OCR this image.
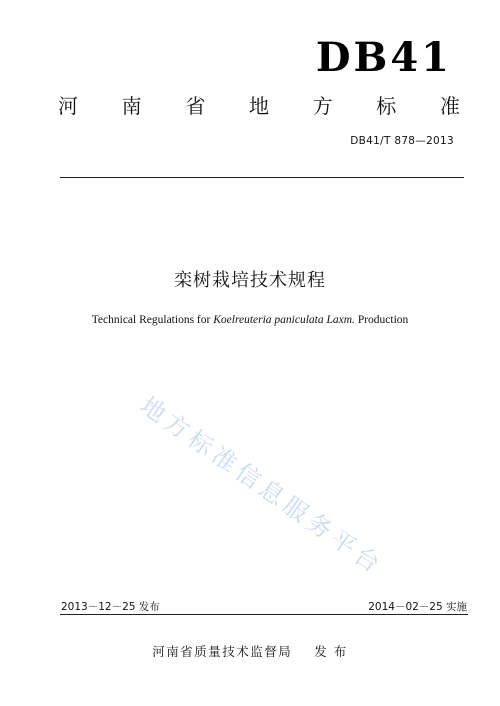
DB41
河 南 省 地 方 标 准
DB41/T 878—2013
栾树栽培技术规程
Technical Regulations for Koelreuteria paniculata Laxm. Production
地方标准信息服务平台
2013－12－25 发布	2014－02－25 实施
河南省质量技术监督局 发 布
